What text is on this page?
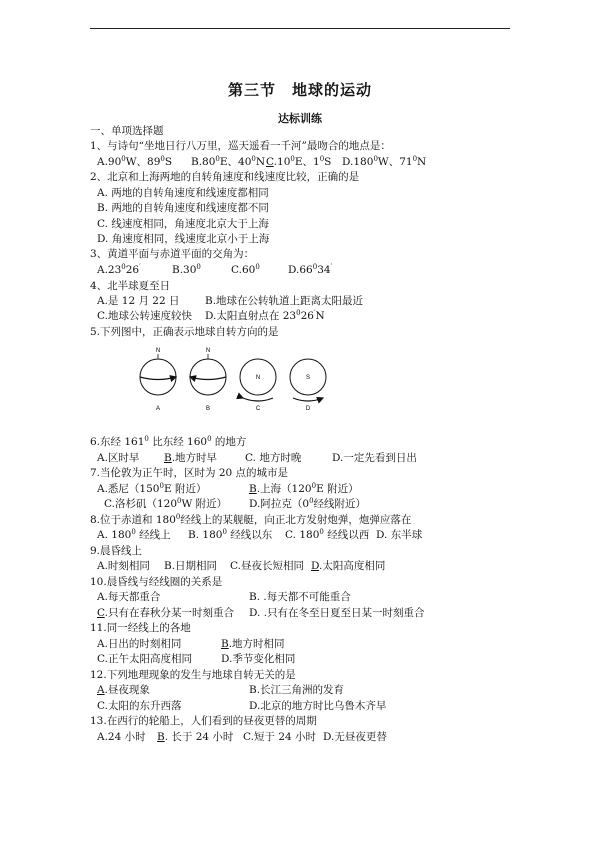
第三节　地球的运动
达标训练
一、单项选择题
1、与诗句“坐地日行八万里，巡天遥看一千河”最吻合的地点是：
$A.90^0W$、$89^0S$ $B.80^0E$、$40^0N$ $C.10^0E$、$1^0S$ D.180$^0$W、$71^0N$
2、北京和上海两地的自转角速度和线速度比较，正确的是
A. 两地的自转角速度和线速度都相同
B. 两地的自转角速度和线速度都不同
C. 线速度相同，角速度北京大于上海
D. 角速度相同，线速度北京小于上海
3、黄道平面与赤道平面的交角为：
$A.23^026'$	$B.30^0$	$C.60^0$	$D.66^034'$
4、北半球夏至日
A.是 12 月 22 日 B.地球在公转轨道上距离太阳最近
C.地球公转速度较快 D.太阳直射点在 $23^026'N$
5.下列图中，正确表示地球自转方向的是
N
A
N
B
N
C
S
D
6.东经 $161^0$ 比东经 $160^0$ 的地方
A.区时早 B.地方时早	C. 地方时晚	D.一定先看到日出
7.当伦敦为正午时，区时为 20 点的城市是
A.悉尼（$150^0E$ 附近）	B.上海（$120^0E$ 附近）
C.洛杉矶（$120^0W$ 附近） D.阿拉克（$0^0$经线附近）
8.位于赤道和 $180^0$经线上的某舰艇，向正北方发射炮弹，炮弹应落在
A. $180^0$ 经线上 B. $180^0$ 经线以东 C. $180^0$ 经线以西 D. 东半球
9.晨昏线上
A.时刻相同 B.日期相同 C.昼夜长短相同 D.太阳高度相同
10.晨昏线与经线圈的关系是
A.每天都重合	B. .每天都不可能重合
C.只有在春秋分某一时刻重合 D. .只有在冬至日夏至日某一时刻重合
11.同一经线上的各地
A.日出的时刻相同	B.地方时相同
C.正午太阳高度相同	D.季节变化相同
12.下列地理现象的发生与地球自转无关的是
A.昼夜现象	B.长江三角洲的发育
C.太阳的东升西落	D.北京的地方时比乌鲁木齐早
13.在西行的轮船上，人们看到的昼夜更替的周期
A.24 小时 B. 长于 24 小时 C.短于 24 小时 D.无昼夜更替
